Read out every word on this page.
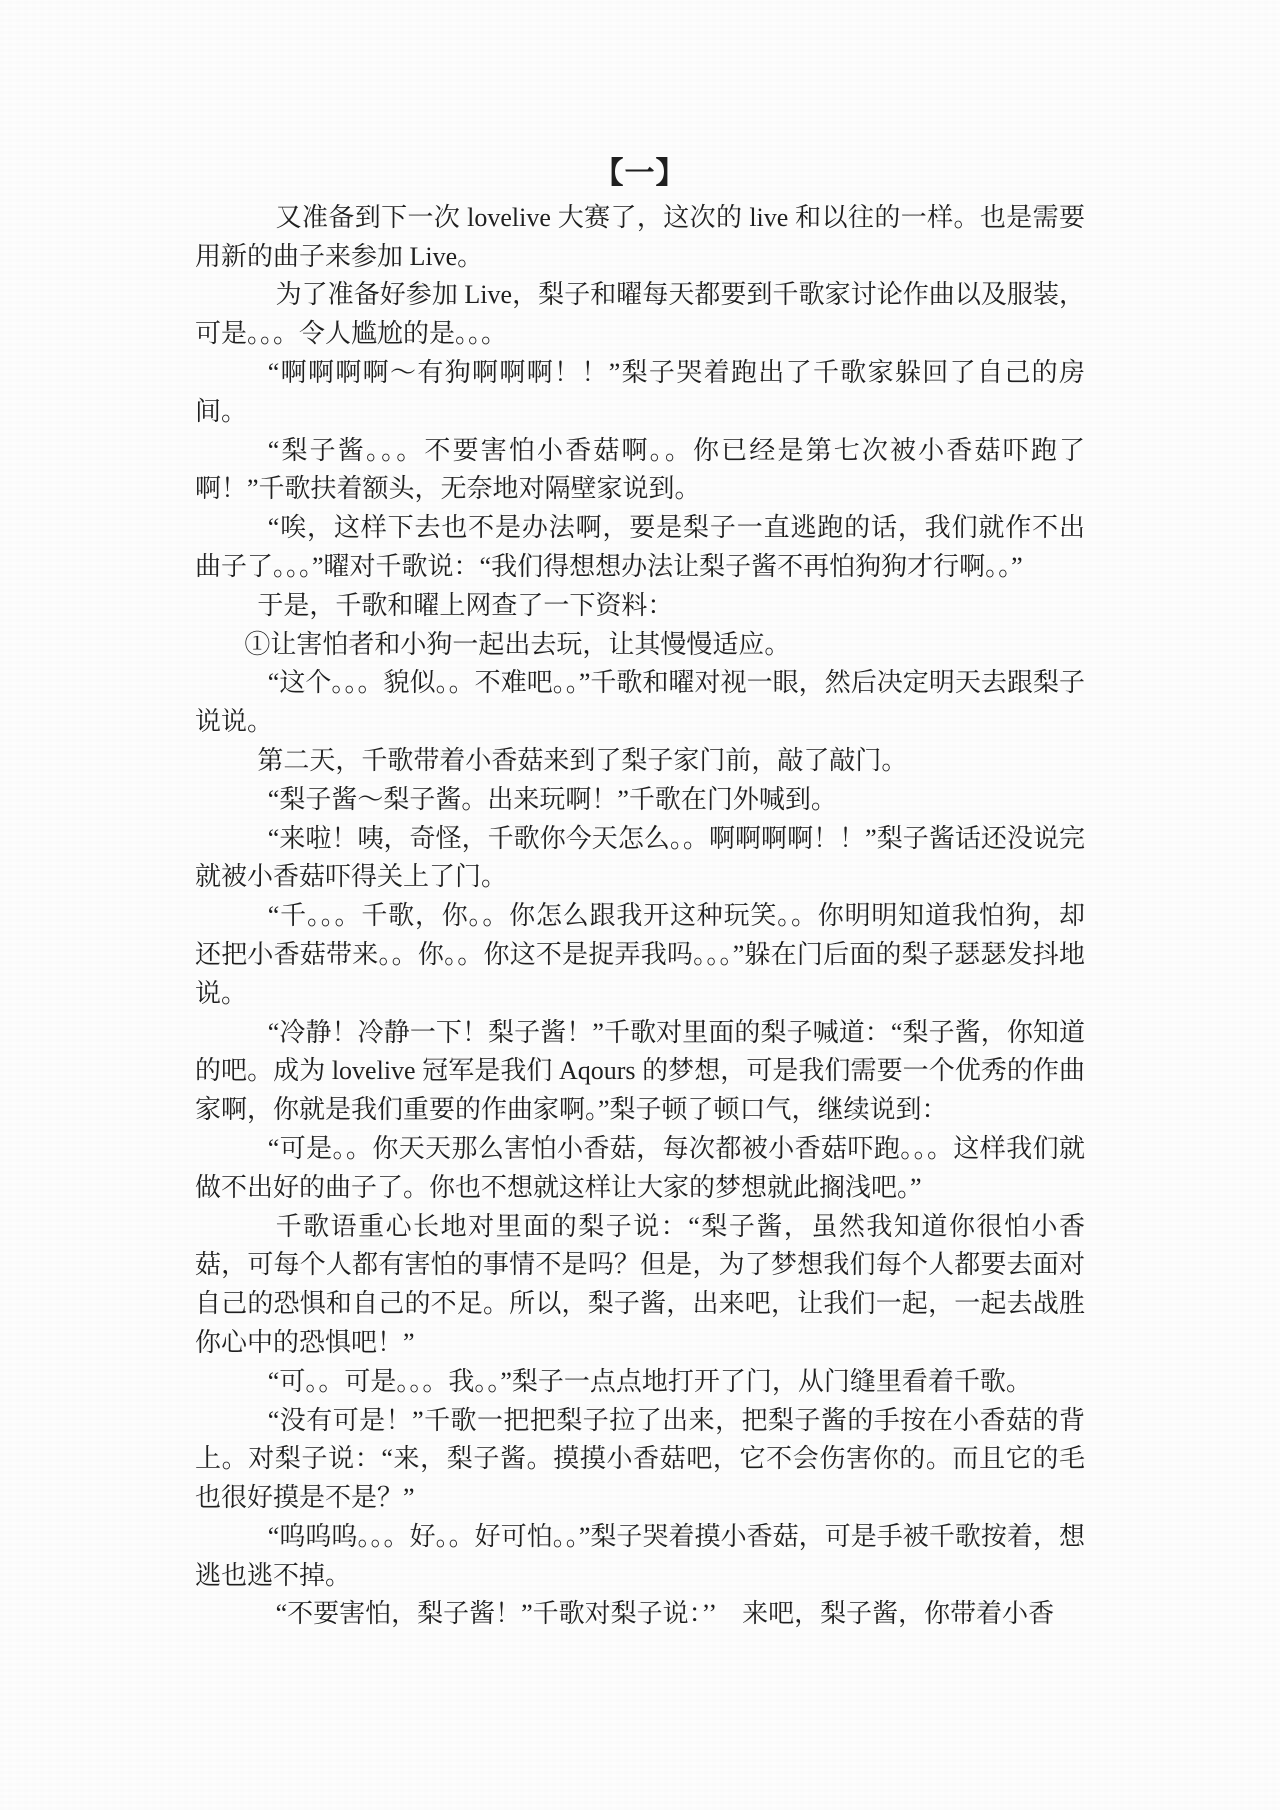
【一】

又准备到下一次 lovelive 大赛了，这次的 live 和以往的一样。也是需要用新的曲子来参加 Live。

为了准备好参加 Live，梨子和曜每天都要到千歌家讨论作曲以及服装，可是。。。令人尴尬的是。。。

“啊啊啊啊～有狗啊啊啊！！”梨子哭着跑出了千歌家躲回了自己的房间。

“梨子酱。。。不要害怕小香菇啊。。你已经是第七次被小香菇吓跑了啊！”千歌扶着额头，无奈地对隔壁家说到。

“唉，这样下去也不是办法啊，要是梨子一直逃跑的话，我们就作不出曲子了。。。”曜对千歌说：“我们得想想办法让梨子酱不再怕狗狗才行啊。。”

于是，千歌和曜上网查了一下资料：

①让害怕者和小狗一起出去玩，让其慢慢适应。

“这个。。。貌似。。不难吧。。”千歌和曜对视一眼，然后决定明天去跟梨子说说。

第二天，千歌带着小香菇来到了梨子家门前，敲了敲门。

“梨子酱～梨子酱。出来玩啊！”千歌在门外喊到。

“来啦！咦，奇怪，千歌你今天怎么。。啊啊啊啊！！”梨子酱话还没说完就被小香菇吓得关上了门。

“千。。。千歌，你。。你怎么跟我开这种玩笑。。你明明知道我怕狗，却还把小香菇带来。。你。。你这不是捉弄我吗。。。”躲在门后面的梨子瑟瑟发抖地说。

“冷静！冷静一下！梨子酱！”千歌对里面的梨子喊道：“梨子酱，你知道的吧。成为 lovelive 冠军是我们 Aqours 的梦想，可是我们需要一个优秀的作曲家啊，你就是我们重要的作曲家啊。”梨子顿了顿口气，继续说到：

“可是。。你天天那么害怕小香菇，每次都被小香菇吓跑。。。这样我们就做不出好的曲子了。你也不想就这样让大家的梦想就此搁浅吧。”

千歌语重心长地对里面的梨子说：“梨子酱，虽然我知道你很怕小香菇，可每个人都有害怕的事情不是吗？但是，为了梦想我们每个人都要去面对自己的恐惧和自己的不足。所以，梨子酱，出来吧，让我们一起，一起去战胜你心中的恐惧吧！”

“可。。可是。。。我。。”梨子一点点地打开了门，从门缝里看着千歌。

“没有可是！”千歌一把把梨子拉了出来，把梨子酱的手按在小香菇的背上。对梨子说：“来，梨子酱。摸摸小香菇吧，它不会伤害你的。而且它的毛也很好摸是不是？”

“呜呜呜。。。好。。好可怕。。”梨子哭着摸小香菇，可是手被千歌按着，想逃也逃不掉。

“不要害怕，梨子酱！”千歌对梨子说：’’　来吧，梨子酱，你带着小香
